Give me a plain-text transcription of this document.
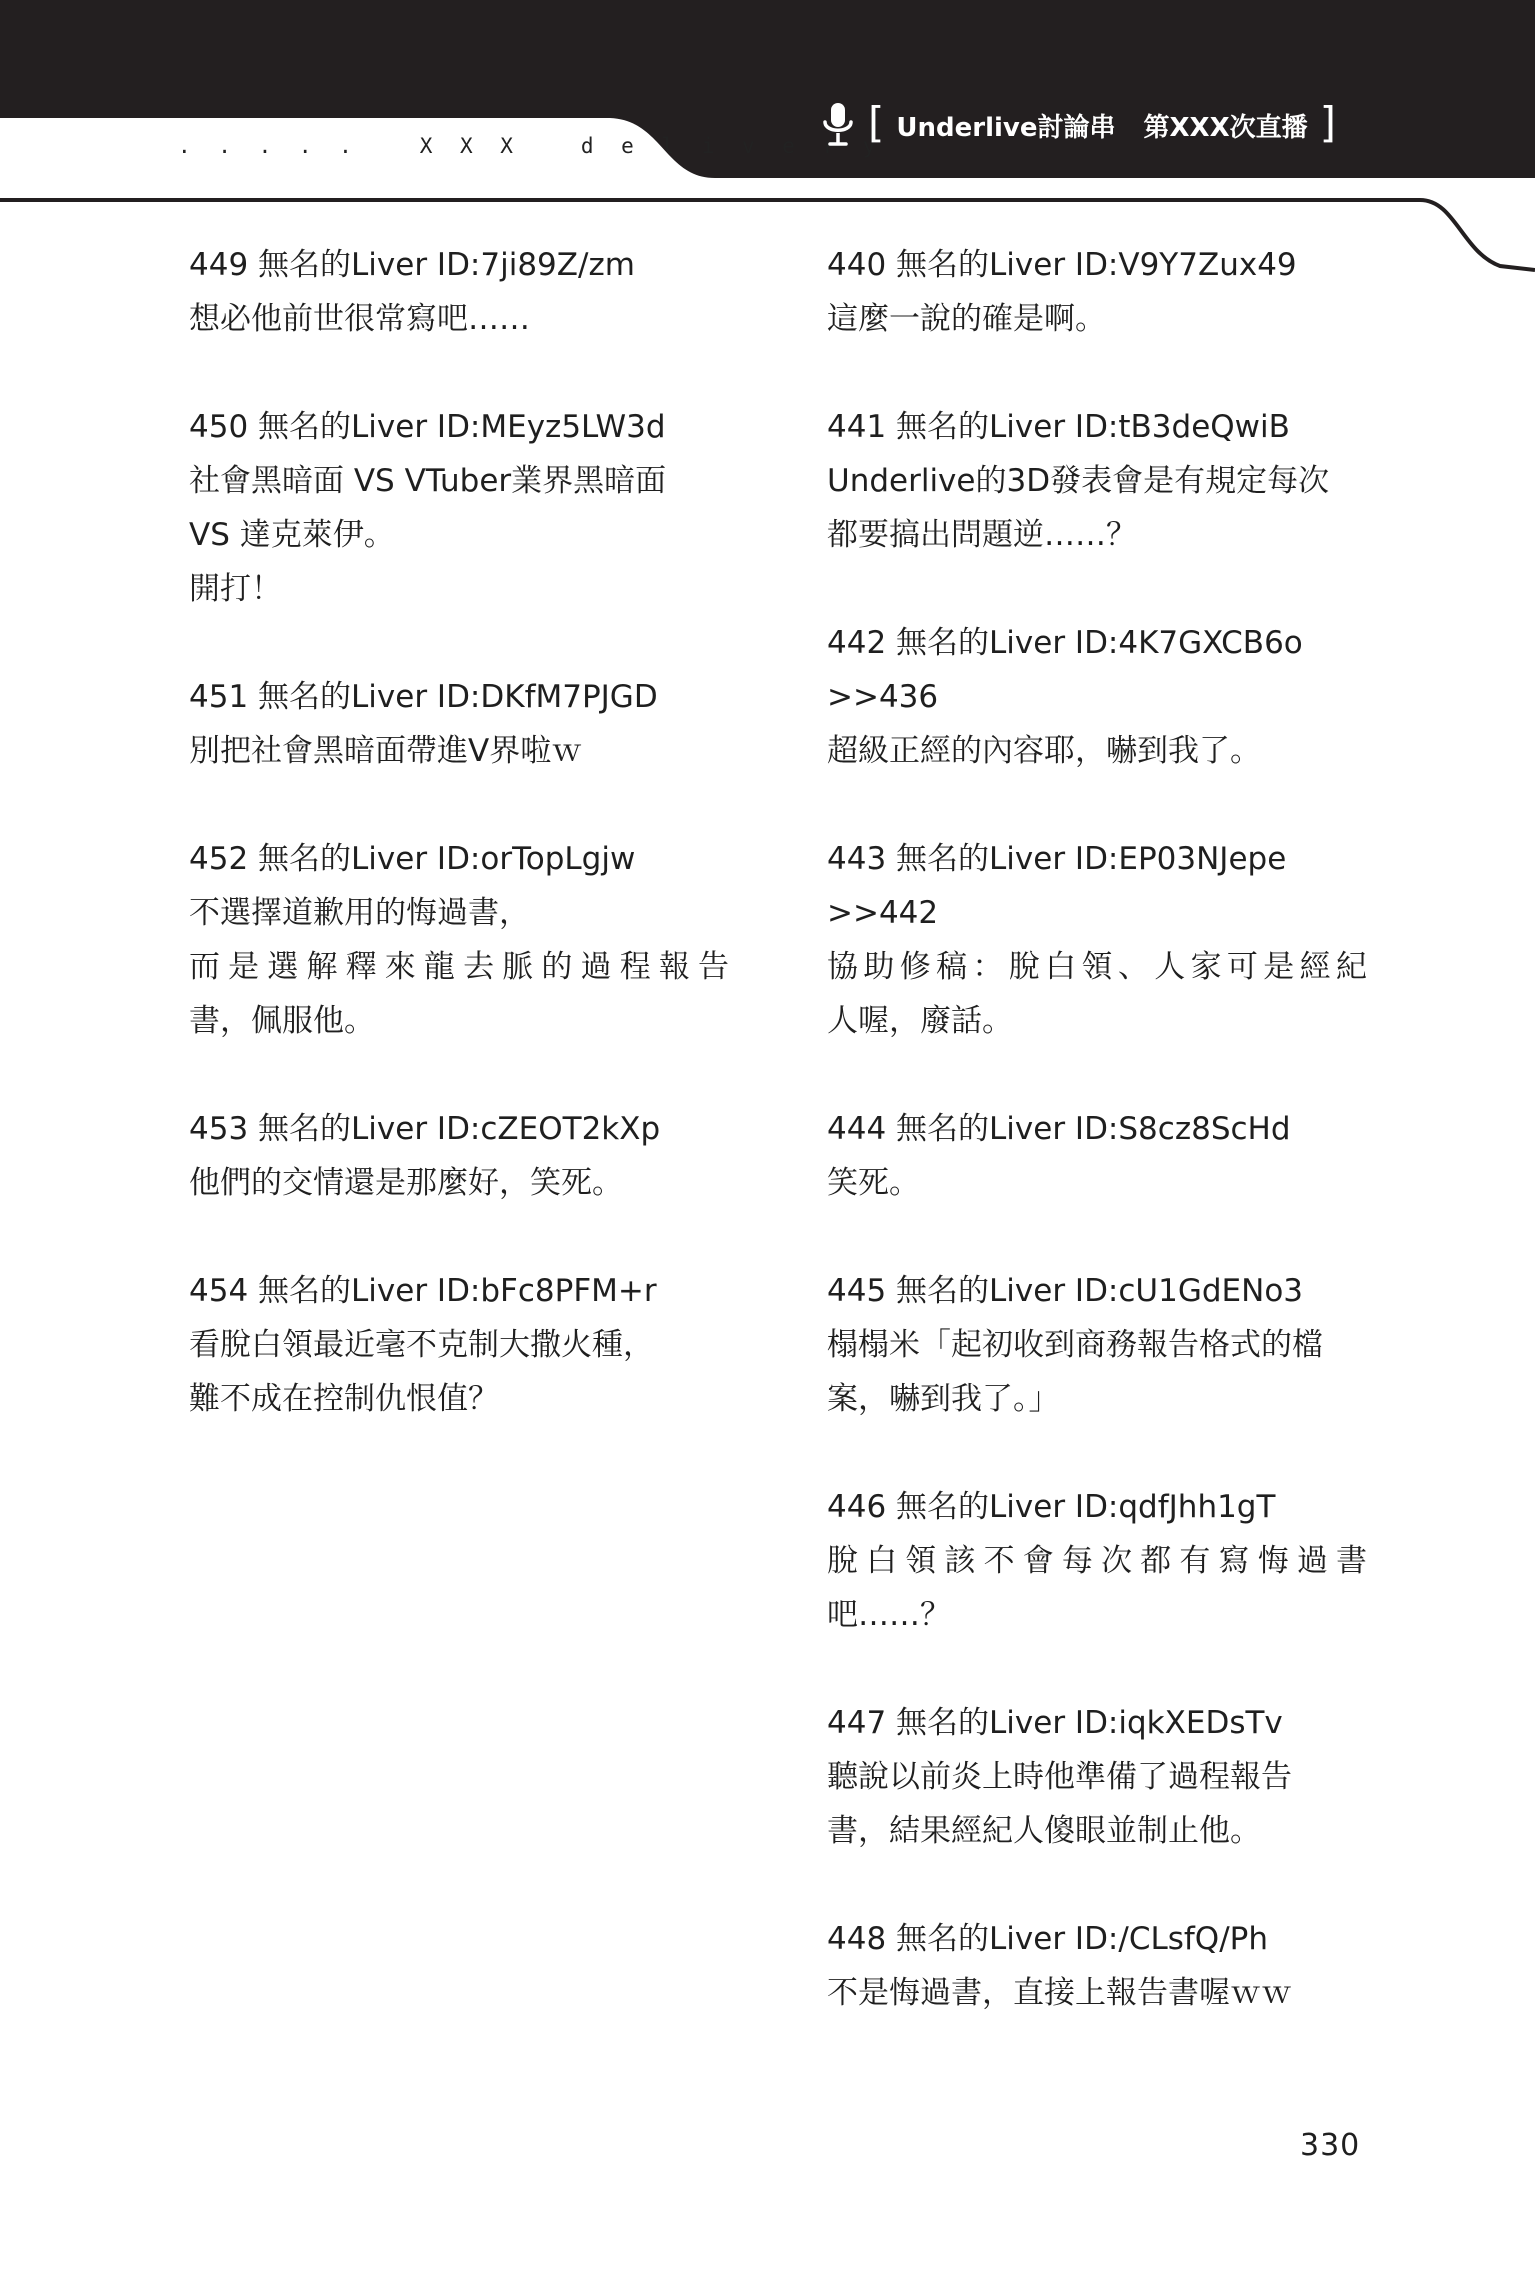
. . . . .   X X X   d e l i v e r y
[ Underlive討論串 第XXX次直播 ]
449 無名的Liver ID:7ji89Z/zm
想必他前世很常寫吧……
450 無名的Liver ID:MEyz5LW3d
社會黑暗面 VS VTuber業界黑暗面
VS 達克萊伊。
開打！
451 無名的Liver ID:DKfM7PJGD
別把社會黑暗面帶進V界啦ｗ
452 無名的Liver ID:orTopLgjw
不選擇道歉用的悔過書，
而是選解釋來龍去脈的過程報告
書，佩服他。
453 無名的Liver ID:cZEOT2kXp
他們的交情還是那麼好，笑死。
454 無名的Liver ID:bFc8PFM+r
看脫白領最近毫不克制大撒火種，
難不成在控制仇恨值？
440 無名的Liver ID:V9Y7Zux49
這麼一說的確是啊。
441 無名的Liver ID:tB3deQwiB
Underlive的3D發表會是有規定每次
都要搞出問題逆……？
442 無名的Liver ID:4K7GXCB6o
>>436
超級正經的內容耶，嚇到我了。
443 無名的Liver ID:EP03NJepe
>>442
協助修稿：脫白領、人家可是經紀
人喔，廢話。
444 無名的Liver ID:S8cz8ScHd
笑死。
445 無名的Liver ID:cU1GdENo3
榻榻米「起初收到商務報告格式的檔
案，嚇到我了。」
446 無名的Liver ID:qdfJhh1gT
脫白領該不會每次都有寫悔過書
吧……？
447 無名的Liver ID:iqkXEDsTv
聽說以前炎上時他準備了過程報告
書，結果經紀人傻眼並制止他。
448 無名的Liver ID:/CLsfQ/Ph
不是悔過書，直接上報告書喔ｗｗ
330
